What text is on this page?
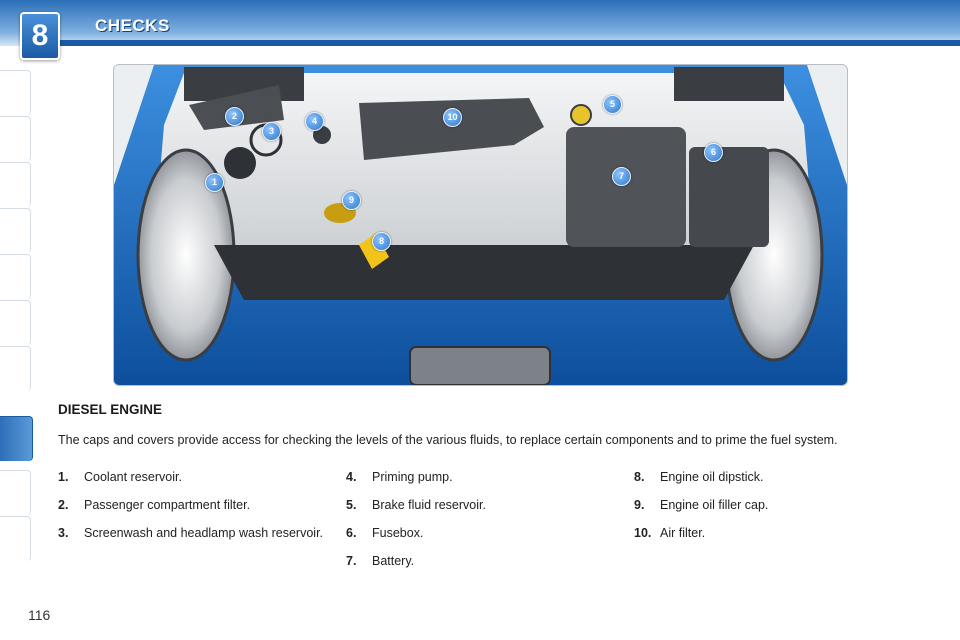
8	CHECKS
1
2
3
4
5
6
7
8
9
10
DIESEL ENGINE
The caps and covers provide access for checking the levels of the various fluids, to replace certain components and to prime the fuel system.
1. Coolant reservoir.
2. Passenger compartment filter.
3. Screenwash and headlamp wash reservoir.
4. Priming pump.
5. Brake fluid reservoir.
6. Fusebox.
7. Battery.
8. Engine oil dipstick.
9. Engine oil filler cap.
10. Air filter.
116
